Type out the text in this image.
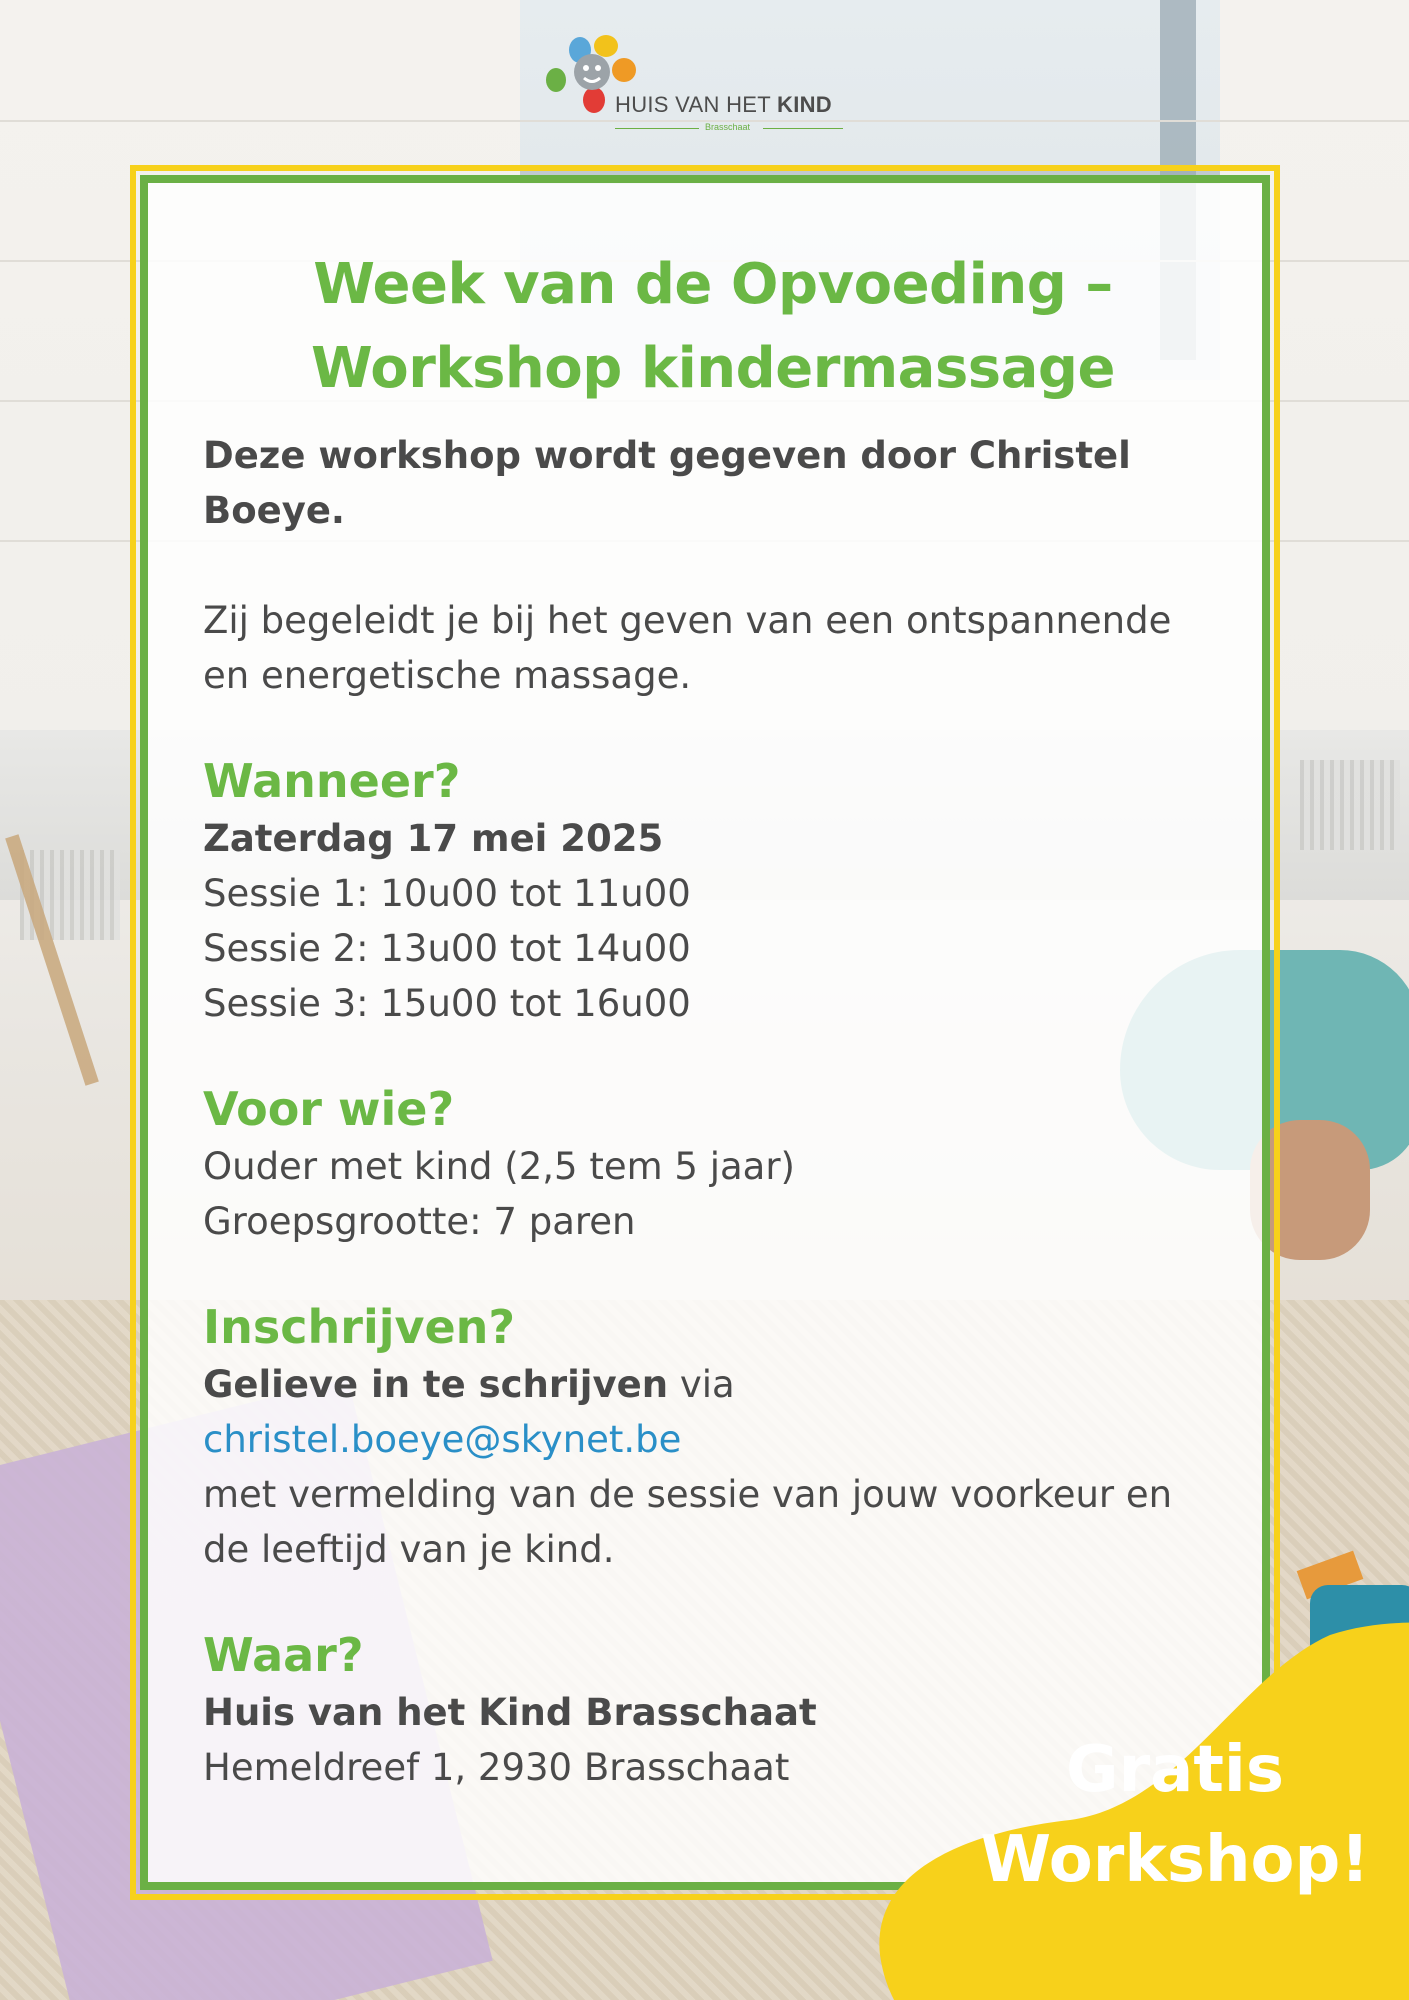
HUIS VAN HET KIND
Brasschaat
Week van de Opvoeding –
Workshop kindermassage

Deze workshop wordt gegeven door Christel

Boeye.

Zij begeleidt je bij het geven van een ontspannende

en energetische massage.

Wanneer?

Zaterdag 17 mei 2025

Sessie 1: 10u00 tot 11u00

Sessie 2: 13u00 tot 14u00

Sessie 3: 15u00 tot 16u00

Voor wie?

Ouder met kind (2,5 tem 5 jaar)

Groepsgrootte: 7 paren

Inschrijven?

Gelieve in te schrijven via christel.boeye@skynet.be

met vermelding van de sessie van jouw voorkeur en

de leeftijd van je kind.

Waar?

Huis van het Kind Brasschaat

Hemeldreef 1, 2930 Brasschaat	Gratis
Workshop!
